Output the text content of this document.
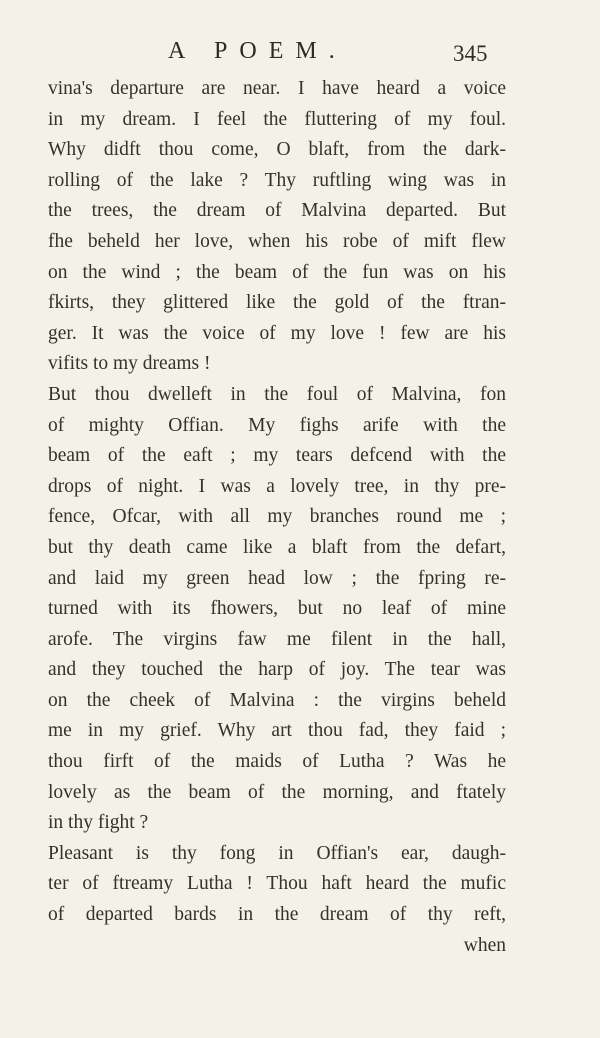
A POEM.	345
vina's departure are near. I have heard a voice
in my dream. I feel the fluttering of my foul.
Why didft thou come, O blaft, from the dark-
rolling of the lake ? Thy ruftling wing was in
the trees, the dream of Malvina departed. But
fhe beheld her love, when his robe of mift flew
on the wind ; the beam of the fun was on his
fkirts, they glittered like the gold of the ftran-
ger. It was the voice of my love ! few are his
vifits to my dreams !
But thou dwelleft in the foul of Malvina, fon
of mighty Offian. My fighs arife with the
beam of the eaft ; my tears defcend with the
drops of night. I was a lovely tree, in thy pre-
fence, Ofcar, with all my branches round me ;
but thy death came like a blaft from the defart,
and laid my green head low ; the fpring re-
turned with its fhowers, but no leaf of mine
arofe. The virgins faw me filent in the hall,
and they touched the harp of joy. The tear was
on the cheek of Malvina : the virgins beheld
me in my grief. Why art thou fad, they faid ;
thou firft of the maids of Lutha ? Was he
lovely as the beam of the morning, and ftately
in thy fight ?
Pleasant is thy fong in Offian's ear, daugh-
ter of ftreamy Lutha ! Thou haft heard the mufic
of departed bards in the dream of thy reft,
when
